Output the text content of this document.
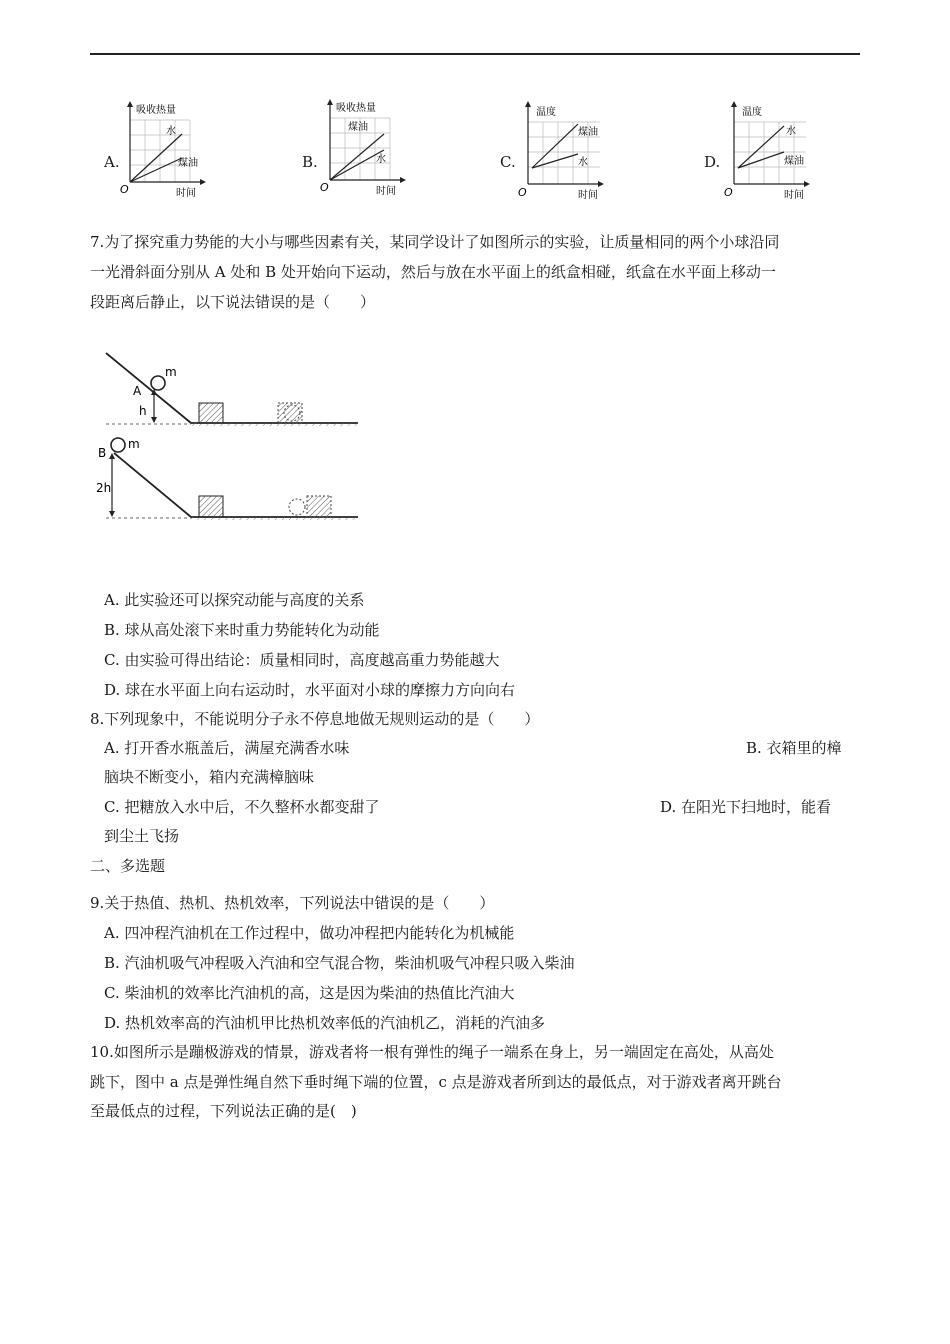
A.
吸收热量
时间
O
水
煤油	B.
吸收热量
时间
O
煤油
水	C.
温度
时间
O
煤油
水	D.
温度
时间
O
水
煤油
7.为了探究重力势能的大小与哪些因素有关，某同学设计了如图所示的实验，让质量相同的两个小球沿同
一光滑斜面分别从 A 处和 B 处开始向下运动，然后与放在水平面上的纸盒相碰，纸盒在水平面上移动一
段距离后静止，以下说法错误的是（　　）
A
m
h
B
m
2h
A. 此实验还可以探究动能与高度的关系
B. 球从高处滚下来时重力势能转化为动能
C. 由实验可得出结论：质量相同时，高度越高重力势能越大
D. 球在水平面上向右运动时，水平面对小球的摩擦力方向向右
8.下列现象中，不能说明分子永不停息地做无规则运动的是（　　）
A. 打开香水瓶盖后，满屋充满香水味	B. 衣箱里的樟
脑块不断变小，箱内充满樟脑味
C. 把糖放入水中后，不久整杯水都变甜了	D. 在阳光下扫地时，能看
到尘土飞扬
二、多选题
9.关于热值、热机、热机效率，下列说法中错误的是（　　）
A. 四冲程汽油机在工作过程中，做功冲程把内能转化为机械能
B. 汽油机吸气冲程吸入汽油和空气混合物，柴油机吸气冲程只吸入柴油
C. 柴油机的效率比汽油机的高，这是因为柴油的热值比汽油大
D. 热机效率高的汽油机甲比热机效率低的汽油机乙，消耗的汽油多
10.如图所示是蹦极游戏的情景，游戏者将一根有弹性的绳子一端系在身上，另一端固定在高处，从高处
跳下，图中 a 点是弹性绳自然下垂时绳下端的位置，c 点是游戏者所到达的最低点，对于游戏者离开跳台
至最低点的过程，下列说法正确的是(　)
